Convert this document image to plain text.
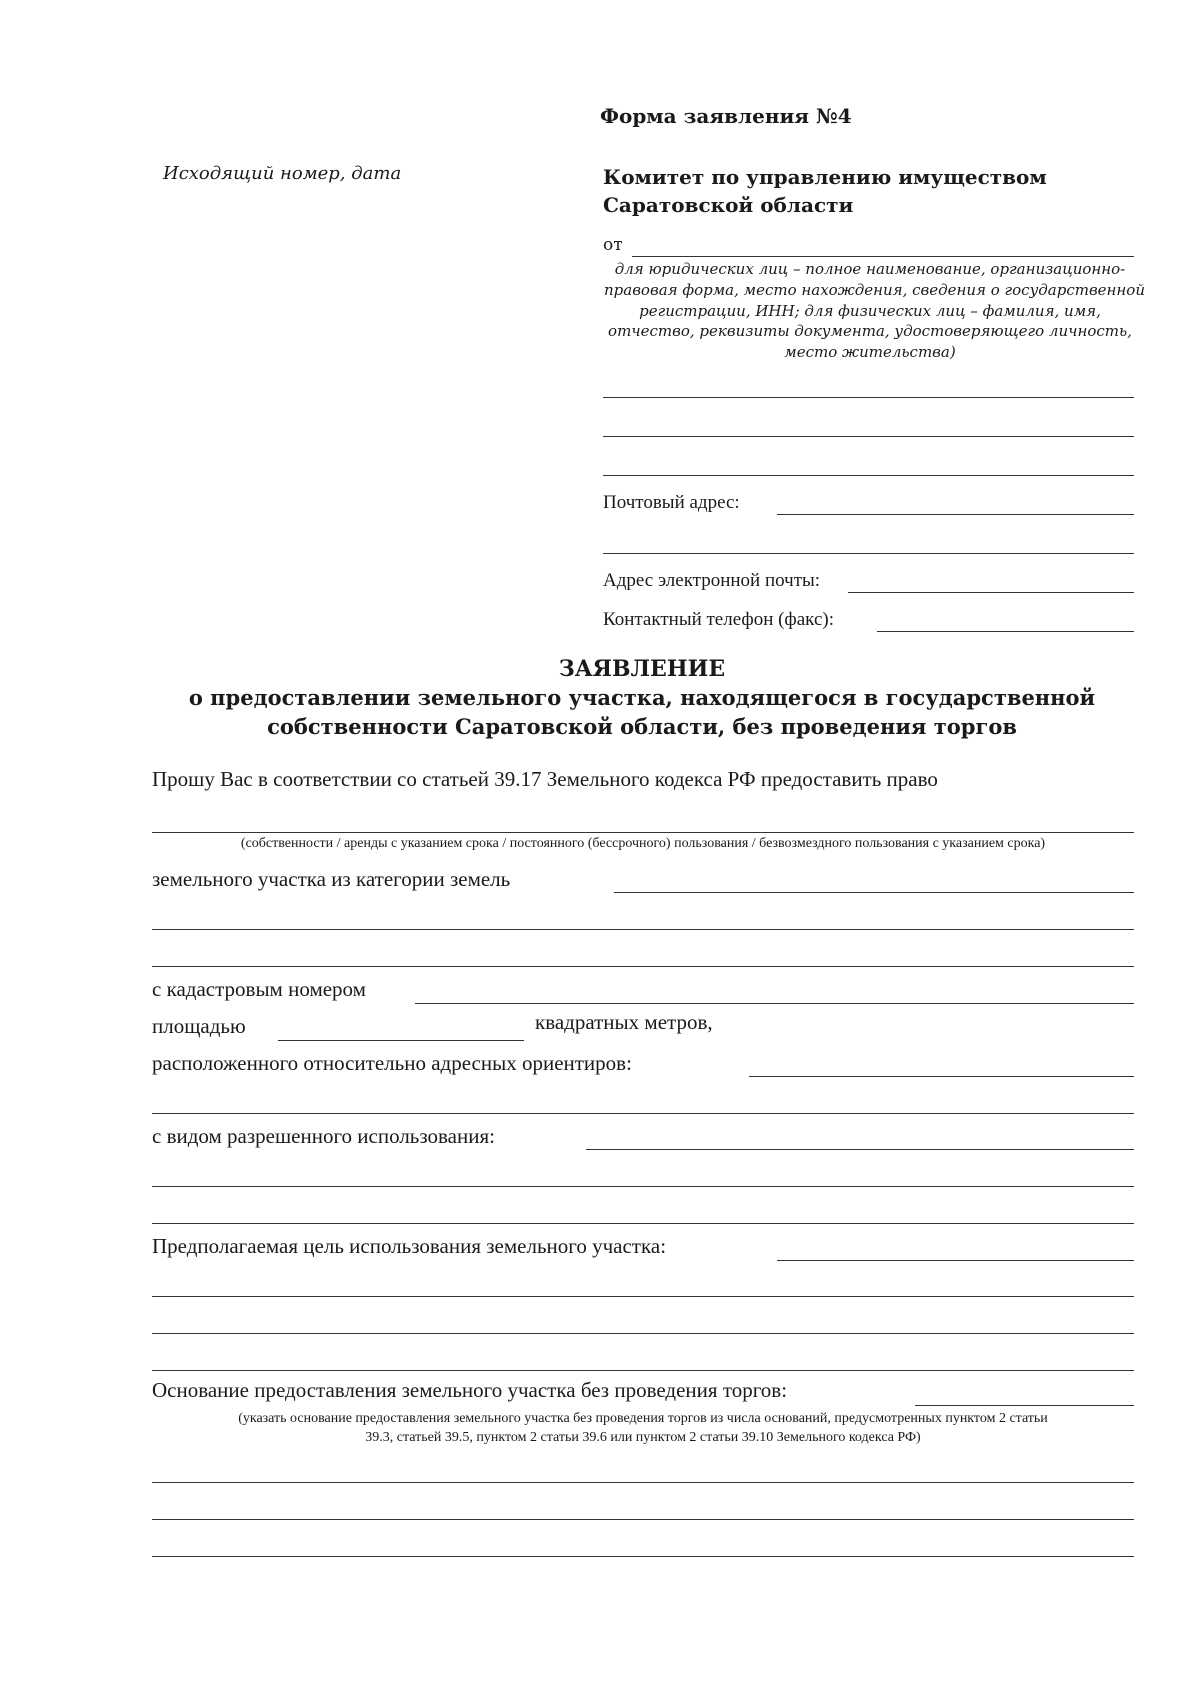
Форма заявления №4
Исходящий номер, дата	Комитет по управлению имуществом
Саратовской области
от
для юридических лиц – полное наименование, организационно-
правовая форма, место нахождения, сведения о государственной
регистрации, ИНН; для физических лиц – фамилия, имя,
отчество, реквизиты документа, удостоверяющего личность,
место жительства)
Почтовый адрес:
Адрес электронной почты:
Контактный телефон (факс):
ЗАЯВЛЕНИЕ
о предоставлении земельного участка, находящегося в государственной
собственности Саратовской области, без проведения торгов
Прошу Вас в соответствии со статьей 39.17 Земельного кодекса РФ предоставить право
(собственности / аренды с указанием срока / постоянного (бессрочного) пользования / безвозмездного пользования с указанием срока)
земельного участка из категории земель
с кадастровым номером
площадью	квадратных метров,
расположенного относительно адресных ориентиров:
с видом разрешенного использования:
Предполагаемая цель использования земельного участка:
Основание предоставления земельного участка без проведения торгов:
(указать основание предоставления земельного участка без проведения торгов из числа оснований, предусмотренных пунктом 2 статьи
39.3, статьей 39.5, пунктом 2 статьи 39.6 или пунктом 2 статьи 39.10 Земельного кодекса РФ)
